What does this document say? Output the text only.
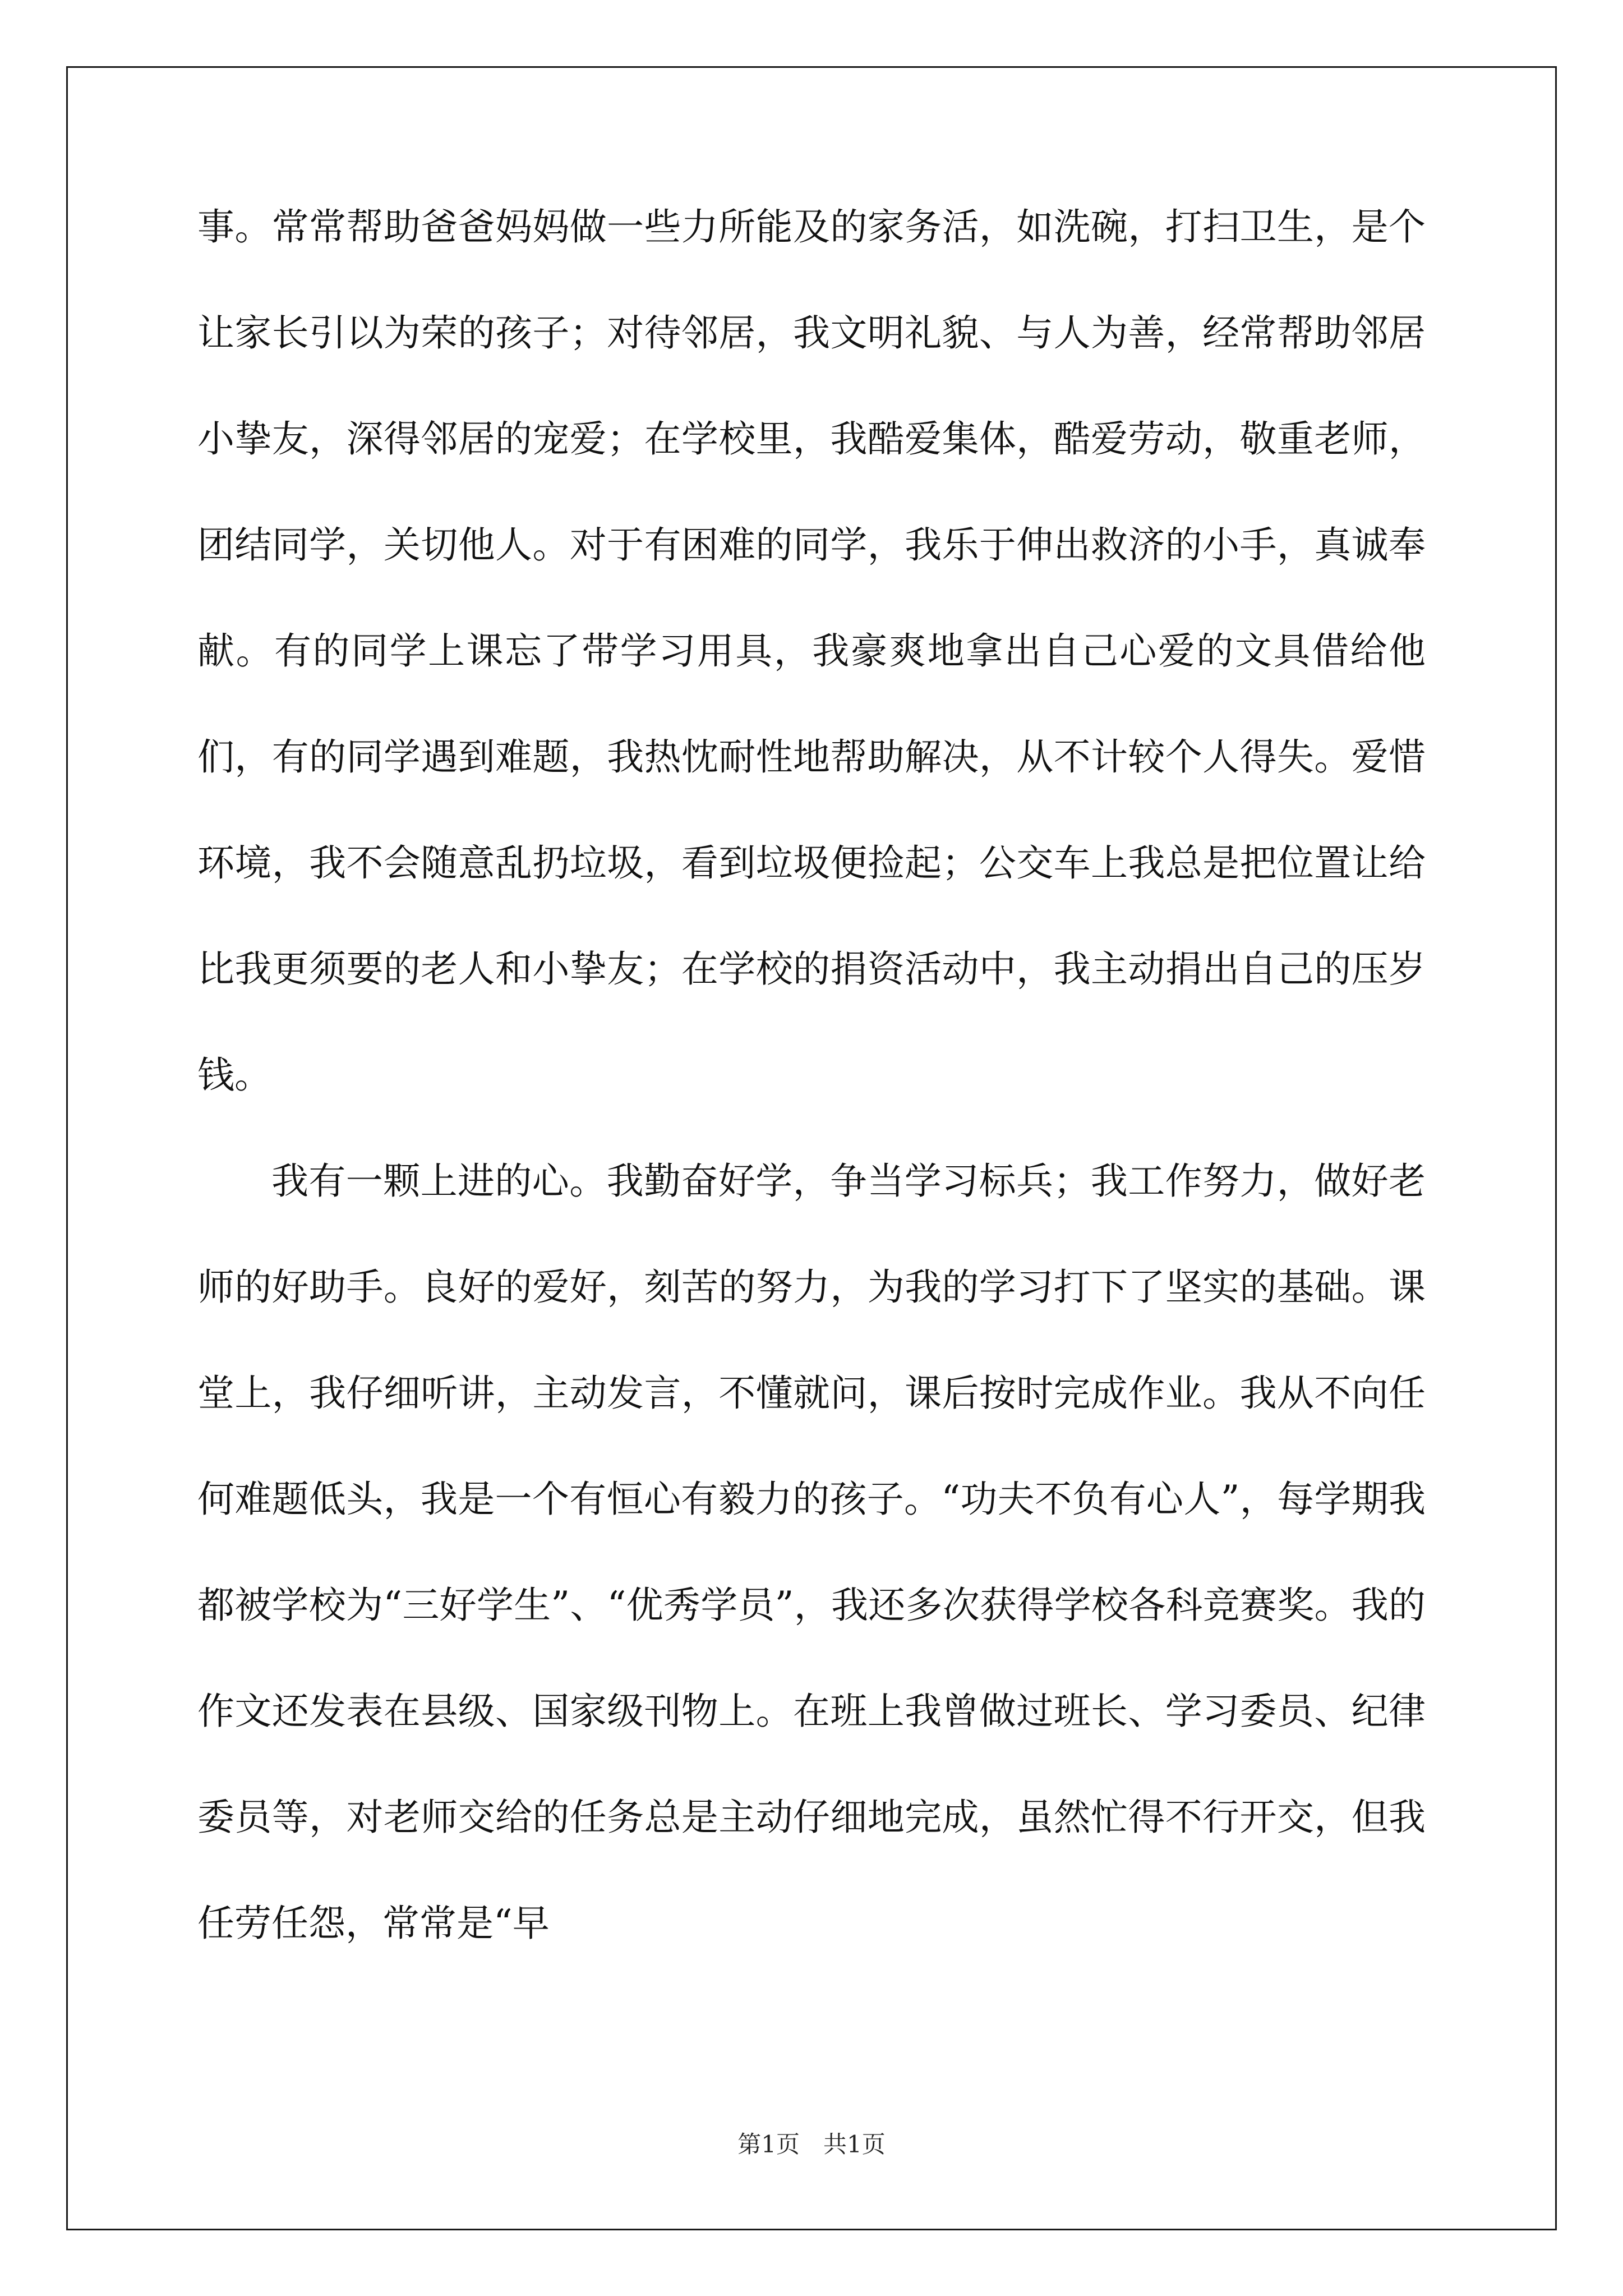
事。常常帮助爸爸妈妈做一些力所能及的家务活，如洗碗，打扫卫生，是个让家长引以为荣的孩子；对待邻居，我文明礼貌、与人为善，经常帮助邻居小挚友，深得邻居的宠爱；在学校里，我酷爱集体，酷爱劳动，敬重老师，团结同学，关切他人。对于有困难的同学，我乐于伸出救济的小手，真诚奉献。有的同学上课忘了带学习用具，我豪爽地拿出自己心爱的文具借给他们，有的同学遇到难题，我热忱耐性地帮助解决，从不计较个人得失。爱惜环境，我不会随意乱扔垃圾，看到垃圾便捡起；公交车上我总是把位置让给比我更须要的老人和小挚友；在学校的捐资活动中，我主动捐出自己的压岁钱。

我有一颗上进的心。我勤奋好学，争当学习标兵；我工作努力，做好老师的好助手。良好的爱好，刻苦的努力，为我的学习打下了坚实的基础。课堂上，我仔细听讲，主动发言，不懂就问，课后按时完成作业。我从不向任何难题低头，我是一个有恒心有毅力的孩子。“功夫不负有心人”，每学期我都被学校为“三好学生”、“优秀学员”，我还多次获得学校各科竞赛奖。我的作文还发表在县级、国家级刊物上。在班上我曾做过班长、学习委员、纪律委员等，对老师交给的任务总是主动仔细地完成，虽然忙得不行开交，但我任劳任怨，常常是“早

第1页　共1页
